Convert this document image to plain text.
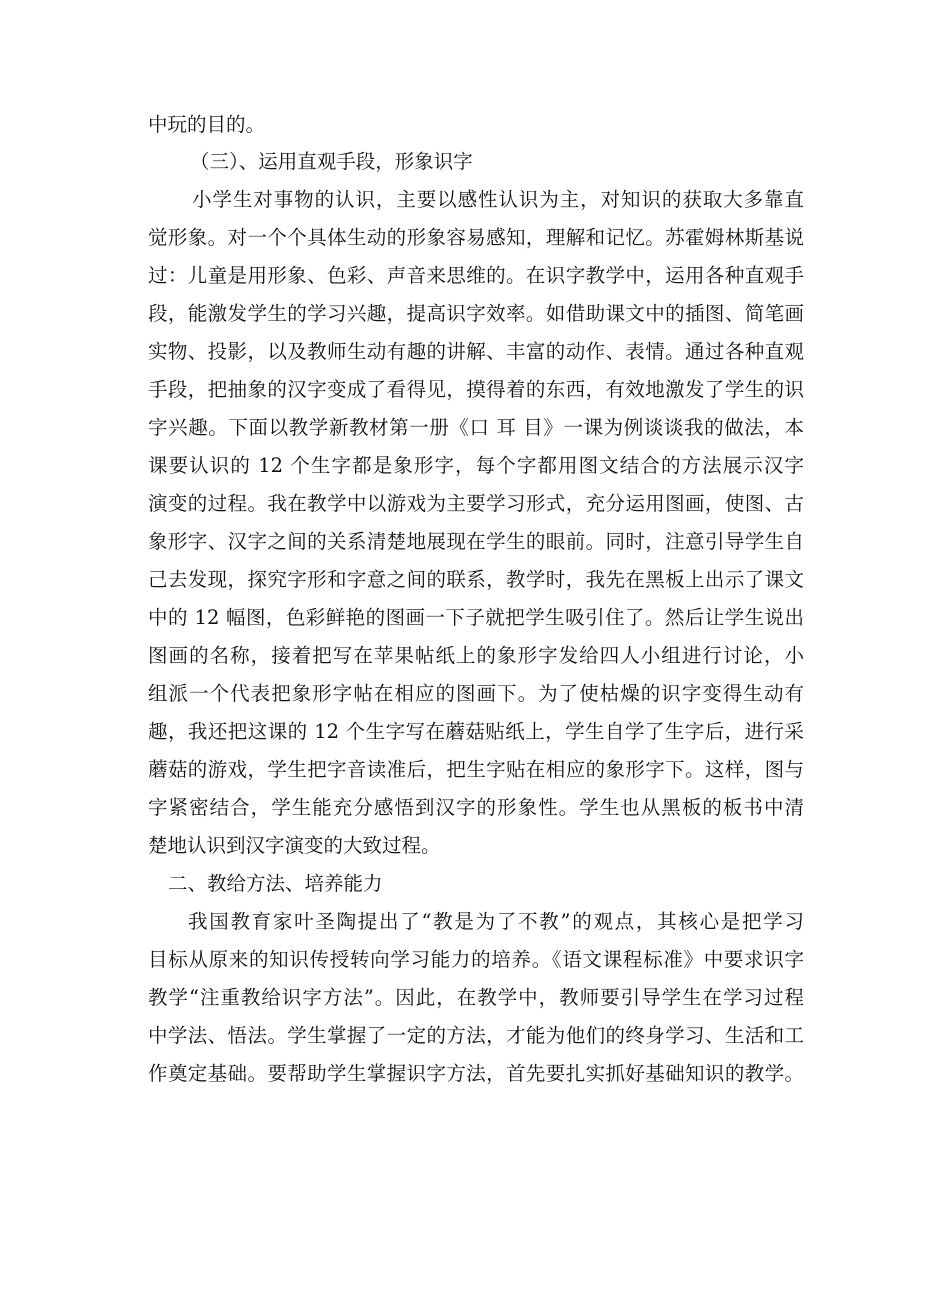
中玩的目的。
（三）、运用直观手段，形象识字
小学生对事物的认识，主要以感性认识为主，对知识的获取大多靠直
觉形象。对一个个具体生动的形象容易感知，理解和记忆。苏霍姆林斯基说
过：儿童是用形象、色彩、声音来思维的。在识字教学中，运用各种直观手
段，能激发学生的学习兴趣，提高识字效率。如借助课文中的插图、简笔画
实物、投影，以及教师生动有趣的讲解、丰富的动作、表情。通过各种直观
手段，把抽象的汉字变成了看得见，摸得着的东西，有效地激发了学生的识
字兴趣。下面以教学新教材第一册《口 耳 目》一课为例谈谈我的做法，本
课要认识的 12 个生字都是象形字，每个字都用图文结合的方法展示汉字
演变的过程。我在教学中以游戏为主要学习形式，充分运用图画，使图、古
象形字、汉字之间的关系清楚地展现在学生的眼前。同时，注意引导学生自
己去发现，探究字形和字意之间的联系，教学时，我先在黑板上出示了课文
中的 12 幅图，色彩鲜艳的图画一下子就把学生吸引住了。然后让学生说出
图画的名称，接着把写在苹果帖纸上的象形字发给四人小组进行讨论，小
组派一个代表把象形字帖在相应的图画下。为了使枯燥的识字变得生动有
趣，我还把这课的 12 个生字写在蘑菇贴纸上，学生自学了生字后，进行采
蘑菇的游戏，学生把字音读准后，把生字贴在相应的象形字下。这样，图与
字紧密结合，学生能充分感悟到汉字的形象性。学生也从黑板的板书中清
楚地认识到汉字演变的大致过程。
二、教给方法、培养能力
我国教育家叶圣陶提出了“教是为了不教”的观点，其核心是把学习
目标从原来的知识传授转向学习能力的培养。《语文课程标准》中要求识字
教学“注重教给识字方法”。因此，在教学中，教师要引导学生在学习过程
中学法、悟法。学生掌握了一定的方法，才能为他们的终身学习、生活和工
作奠定基础。要帮助学生掌握识字方法，首先要扎实抓好基础知识的教学。
